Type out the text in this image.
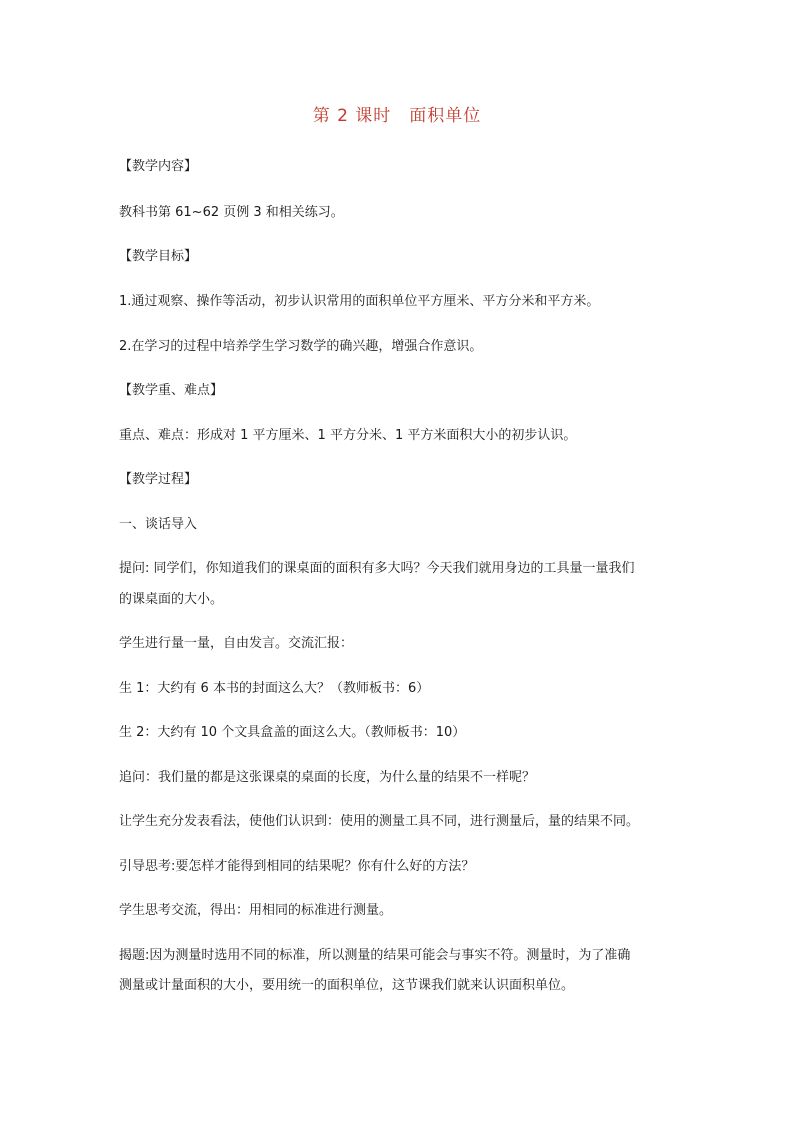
第 2 课时　面积单位
【教学内容】
教科书第 61~62 页例 3 和相关练习。
【教学目标】
1.通过观察、操作等活动，初步认识常用的面积单位平方厘米、平方分米和平方米。
2.在学习的过程中培养学生学习数学的确兴趣，增强合作意识。
【教学重、难点】
重点、难点：形成对 1 平方厘米、1 平方分米、1 平方米面积大小的初步认识。
【教学过程】
一、谈话导入
提问: 同学们，你知道我们的课桌面的面积有多大吗？今天我们就用身边的工具量一量我们
的课桌面的大小。
学生进行量一量，自由发言。交流汇报：
生 1：大约有 6 本书的封面这么大？（教师板书：6）
生 2：大约有 10 个文具盒盖的面这么大。（教师板书：10）
追问：我们量的都是这张课桌的桌面的长度，为什么量的结果不一样呢？
让学生充分发表看法，使他们认识到：使用的测量工具不同，进行测量后，量的结果不同。
引导思考:要怎样才能得到相同的结果呢？你有什么好的方法？
学生思考交流，得出：用相同的标准进行测量。
揭题:因为测量时选用不同的标准，所以测量的结果可能会与事实不符。测量时，为了准确
测量或计量面积的大小，要用统一的面积单位，这节课我们就来认识面积单位。
